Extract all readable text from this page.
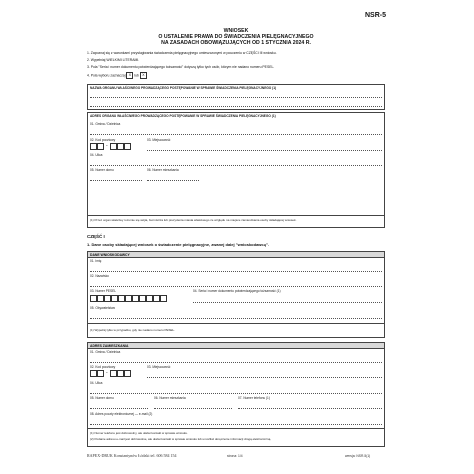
NSR-5
WNIOSEK
O USTALENIE PRAWA DO ŚWIADCZENIA PIELĘGNACYJNEGO
NA ZASADACH OBOWIĄZUJĄCYCH OD 1 STYCZNIA 2024 R.
1. Zapoznaj się z warunkami przysługiwania świadczenia pielęgnacyjnego umieszczonymi w pouczeniu w CZĘŚCI III wniosku.
2. Wypełniaj WIELKIMI LITERAMI.
3. Pola "Seria i numer dokumentu potwierdzającego tożsamość" dotyczą tylko tych osób, którym nie nadano numeru PESEL.
4. Pola wyboru zaznaczaj X lub X
NAZWA ORGANU WŁAŚCIWEGO PROWADZĄCEGO POSTĘPOWANIE W SPRAWIE ŚWIADCZENIA PIELĘGNACYJNEGO (1)
ADRES ORGANU WŁAŚCIWEGO PROWADZĄCEGO POSTĘPOWANIE W SPRAWIE ŚWIADCZENIA PIELĘGNACYJNEGO (1)
01. Gmina / Dzielnica
02. Kod pocztowy	03. Miejscowość
-
04. Ulica
05. Numer domu	06. Numer mieszkania
(1) Przez organ właściwy rozumie się wójta, burmistrza lub prezydenta miasta właściwego ze względu na miejsce zamieszkania osoby składającej wniosek.
CZĘŚĆ I
1. Dane osoby składającej wniosek o świadczenie pielęgnacyjne, zwanej dalej "wnioskodawcą".
DANE WNIOSKODAWCY
01. Imię
02. Nazwisko
03. Numer PESEL	04. Seria i numer dokumentu potwierdzającego tożsamość (1)
05. Obywatelstwo
(1) Wypełnij tylko w przypadku, gdy nie nadano numeru PESEL.
ADRES ZAMIESZKANIA
01. Gmina / Dzielnica
02. Kod pocztowy	03. Miejscowość
-
04. Ulica
05. Numer domu	06. Numer mieszkania	07. Numer telefonu (1)
08. Adres poczty elektronicznej — e-mail (2)
(1) Numer telefonu jest dobrowolny, ale ułatwi kontakt w sprawie wniosku.
(2) Podanie adresu e-mail jest dobrowolne, ale ułatwi kontakt w sprawie wniosku lub umożliwi doręczenie informacji drogą elektroniczną.
RAPEX-DRUK Konstantynów Łódzki tel. 606 584 154	strona: 1/4	wersja: NSR-5(1)
